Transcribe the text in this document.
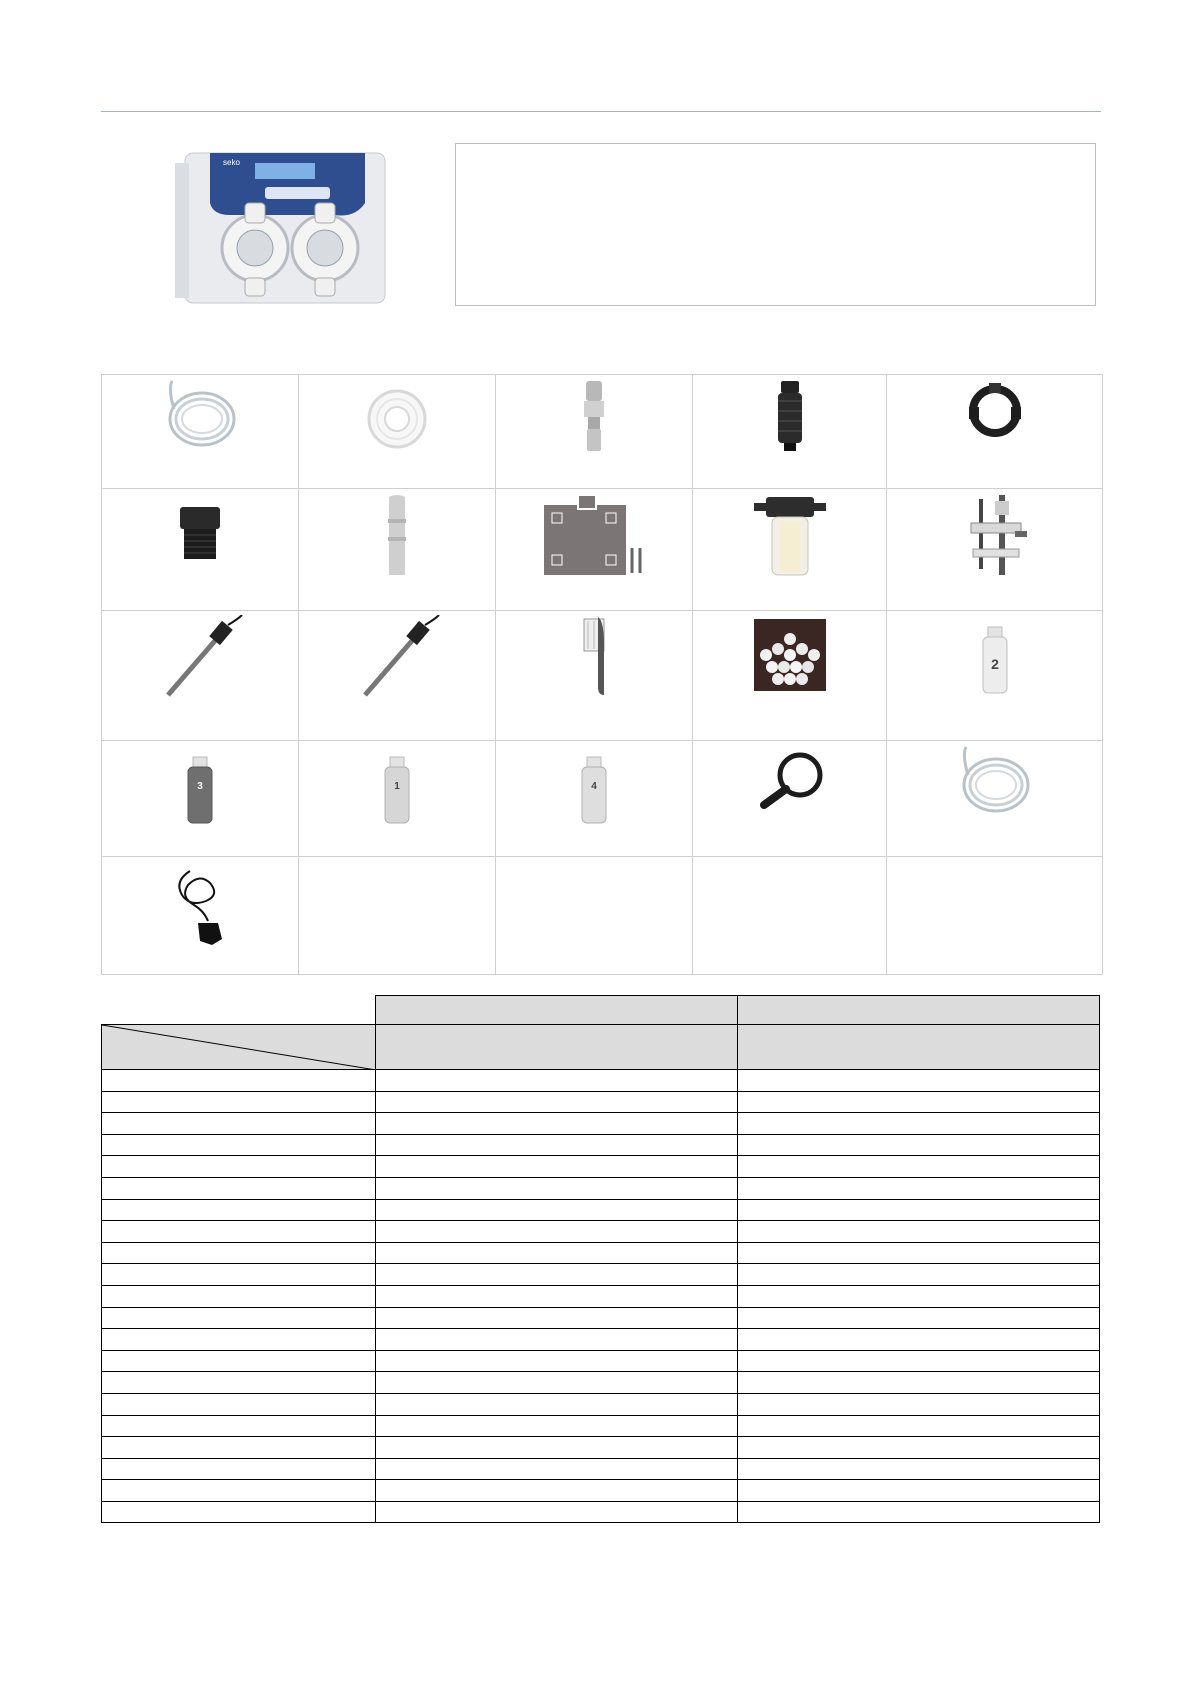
seko

2

3	1	4
